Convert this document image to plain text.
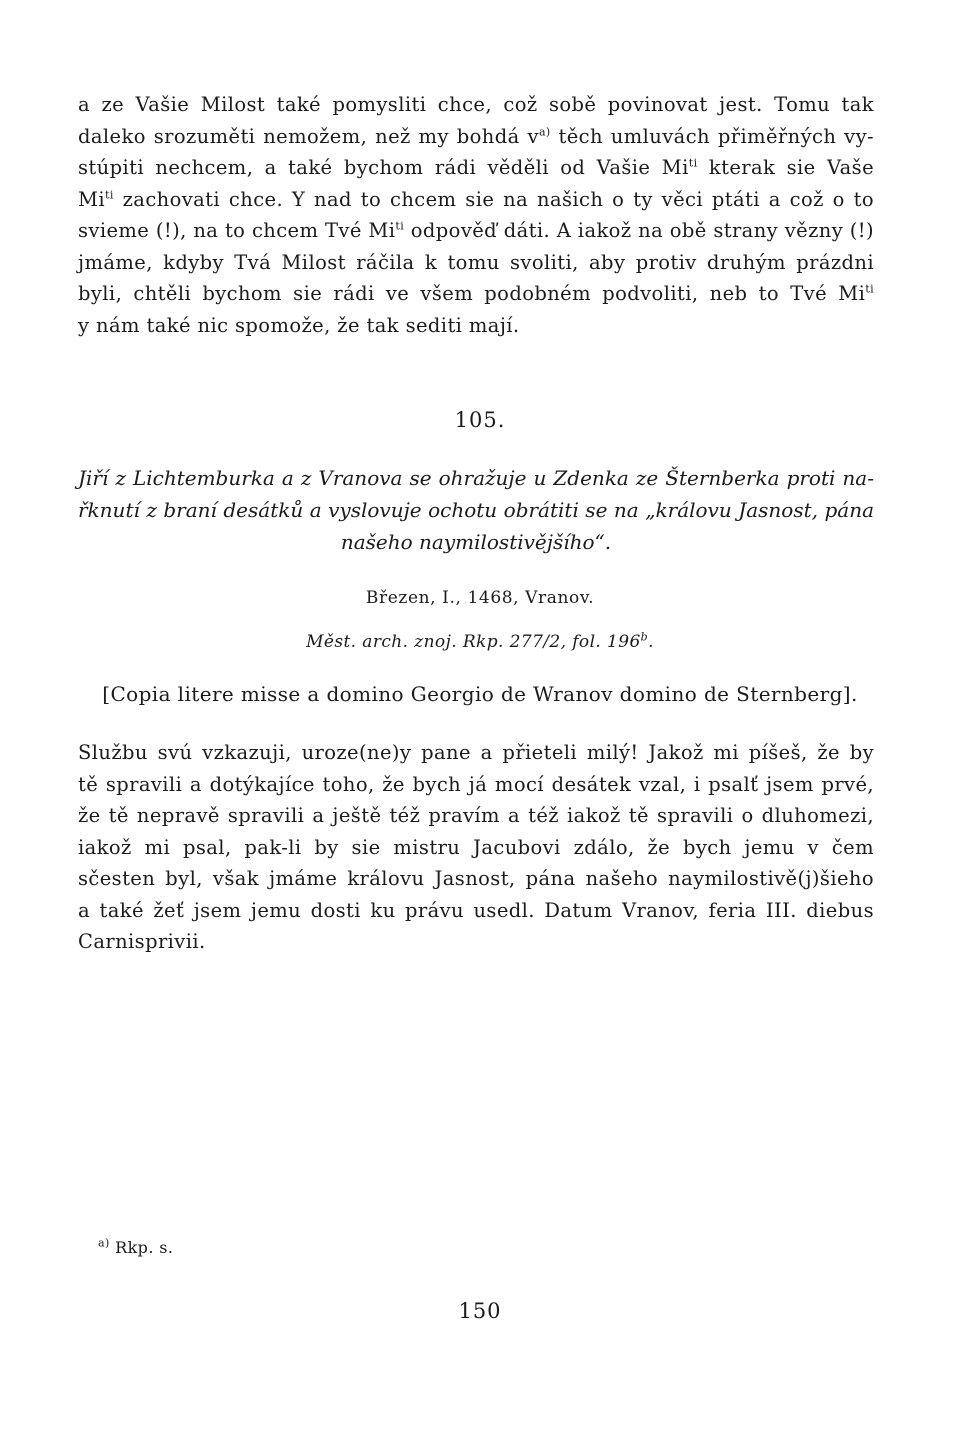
a ze Vašie Milost také pomysliti chce, což sobě povinovat jest. Tomu tak
daleko srozuměti nemožem, než my bohdá $v^{a)}$ těch umluvách přiměřných vy-
stúpiti nechcem, a také bychom rádi věděli od Vašie $Mi^{ti}$ kterak sie Vaše
$Mi^{ti}$ zachovati chce. Y nad to chcem sie na našich o ty věci ptáti a což o to
svieme (!), na to chcem Tvé $Mi^{ti}$ odpověď dáti. A iakož na obě strany vězny (!)
jmáme, kdyby Tvá Milost ráčila k tomu svoliti, aby protiv druhým prázdni
byli, chtěli bychom sie rádi ve všem podobném podvoliti, neb to Tvé $Mi^{ti}$
y nám také nic spomože, že tak sediti mají.
105.
Jiří z Lichtemburka a z Vranova se ohražuje u Zdenka ze Šternberka proti na-
řknutí z braní desátků a vyslovuje ochotu obrátiti se na „královu Jasnost, pána
našeho naymilostivějšího“.
Březen, I., 1468, Vranov.
Měst. arch. znoj. Rkp. 277/2, fol. 196$^b$.
[Copia litere misse a domino Georgio de Wranov domino de Sternberg].
Službu svú vzkazuji, uroze(ne)y pane a přieteli milý! Jakož mi píšeš, že by
tě spravili a dotýkajíce toho, že bych já mocí desátek vzal, i psalť jsem prvé,
že tě nepravě spravili a ještě též pravím a též iakož tě spravili o dluhomezi,
iakož mi psal, pak-li by sie mistru Jacubovi zdálo, že bych jemu v čem
sčesten byl, však jmáme královu Jasnost, pána našeho naymilostivě(j)šieho
a také žeť jsem jemu dosti ku právu usedl. Datum Vranov, feria III. diebus
Carnisprivii.
$^{a)}$ Rkp. s.
150
